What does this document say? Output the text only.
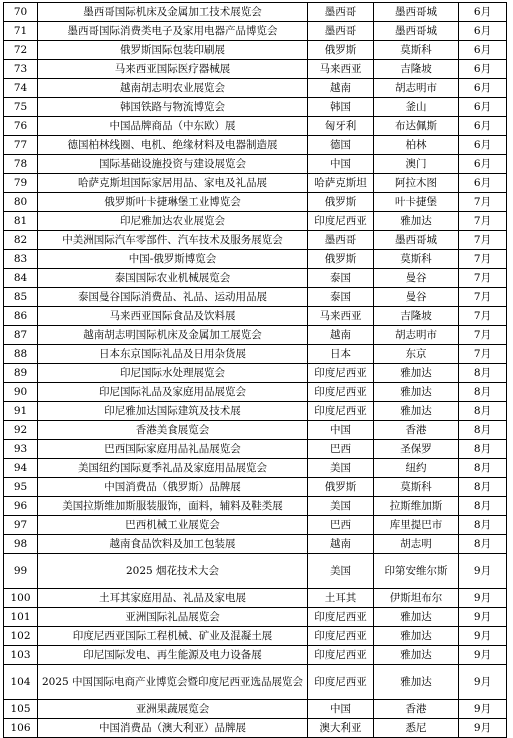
70	墨西哥国际机床及金属加工技术展览会	墨西哥	墨西哥城	6月
71	墨西哥国际消费类电子及家用电器产品博览会	墨西哥	墨西哥城	6月
72	俄罗斯国际包装印刷展	俄罗斯	莫斯科	6月
73	马来西亚国际医疗器械展	马来西亚	吉隆坡	6月
74	越南胡志明农业展览会	越南	胡志明市	6月
75	韩国铁路与物流博览会	韩国	釜山	6月
76	中国品牌商品（中东欧）展	匈牙利	布达佩斯	6月
77	德国柏林线圈、电机、绝缘材料及电器制造展	德国	柏林	6月
78	国际基础设施投资与建设展览会	中国	澳门	6月
79	哈萨克斯坦国际家居用品、家电及礼品展	哈萨克斯坦	阿拉木图	6月
80	俄罗斯叶卡捷琳堡工业博览会	俄罗斯	叶卡捷堡	7月
81	印尼雅加达农业展览会	印度尼西亚	雅加达	7月
82	中美洲国际汽车零部件、汽车技术及服务展览会	墨西哥	墨西哥城	7月
83	中国-俄罗斯博览会	俄罗斯	莫斯科	7月
84	泰国国际农业机械展览会	泰国	曼谷	7月
85	泰国曼谷国际消费品、礼品、运动用品展	泰国	曼谷	7月
86	马来西亚国际食品及饮料展	马来西亚	吉隆坡	7月
87	越南胡志明国际机床及金属加工展览会	越南	胡志明市	7月
88	日本东京国际礼品及日用杂货展	日本	东京	7月
89	印尼国际水处理展览会	印度尼西亚	雅加达	8月
90	印尼国际礼品及家庭用品展览会	印度尼西亚	雅加达	8月
91	印尼雅加达国际建筑及技术展	印度尼西亚	雅加达	8月
92	香港美食展览会	中国	香港	8月
93	巴西国际家庭用品礼品展览会	巴西	圣保罗	8月
94	美国纽约国际夏季礼品及家庭用品展览会	美国	纽约	8月
95	中国消费品（俄罗斯）品牌展	俄罗斯	莫斯科	8月
96	美国拉斯维加斯服装服饰，面料，辅料及鞋类展	美国	拉斯维加斯	8月
97	巴西机械工业展览会	巴西	库里提巴市	8月
98	越南食品饮料及加工包装展	越南	胡志明	8月
99	2025 烟花技术大会	美国	印第安维尔斯	9月
100	土耳其家庭用品、礼品及家电展	土耳其	伊斯坦布尔	9月
101	亚洲国际礼品展览会	印度尼西亚	雅加达	9月
102	印度尼西亚国际工程机械、矿业及混凝土展	印度尼西亚	雅加达	9月
103	印尼国际发电、再生能源及电力设备展	印度尼西亚	雅加达	9月
104	2025 中国国际电商产业博览会暨印度尼西亚选品展览会	印度尼西亚	雅加达	9月
105	亚洲果蔬展览会	中国	香港	9月
106	中国消费品（澳大利亚）品牌展	澳大利亚	悉尼	9月
